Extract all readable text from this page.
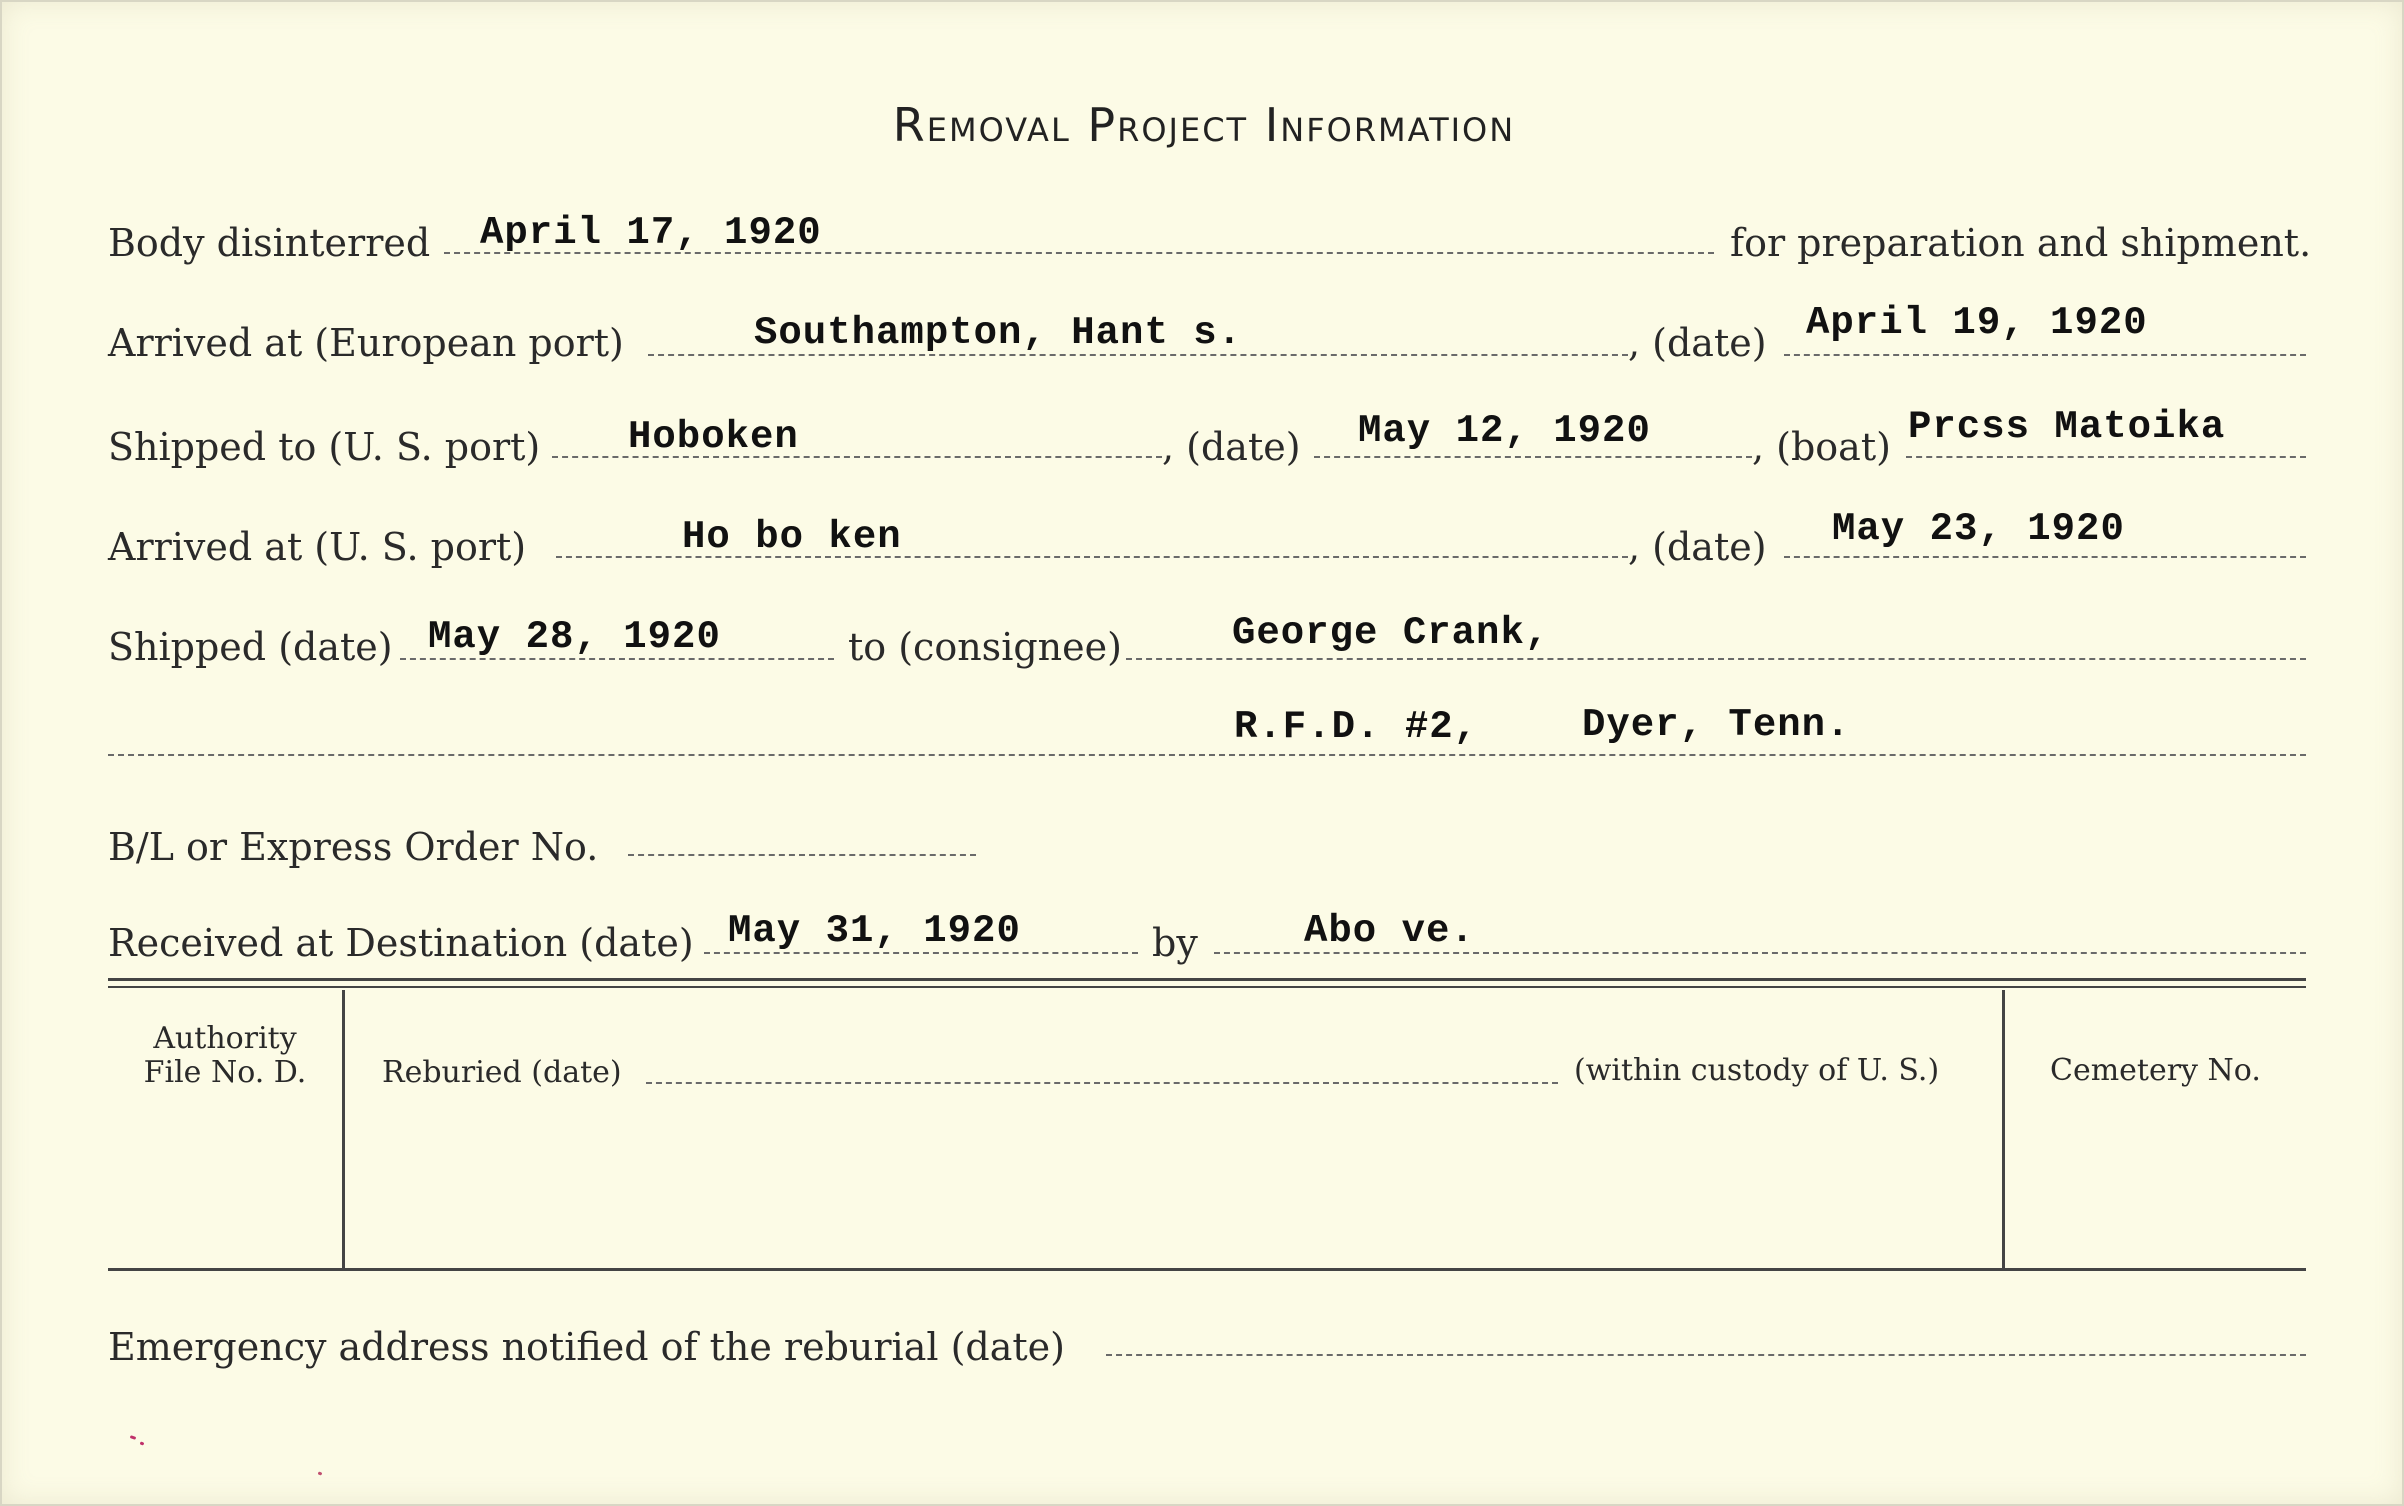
Removal Project Information
Body disinterred April 17, 1920	for preparation and shipment.
Arrived at (European port)	Southampton, Hant s.	, (date) April 19, 1920
Shipped to (U. S. port) Hoboken	, (date) May 12, 1920	, (boat) Prcss Matoika
Arrived at (U. S. port)	Ho bo ken	, (date) May 23, 1920
Shipped (date) May 28, 1920	to (consignee)	George Crank,
R.F.D. #2,	Dyer, Tenn.
B/L or Express Order No.
Received at Destination (date) May 31, 1920	by	Abo ve.
Authority
File No. D.	Reburied (date)	(within custody of U. S.)	Cemetery No.
Emergency address notified of the reburial (date)
